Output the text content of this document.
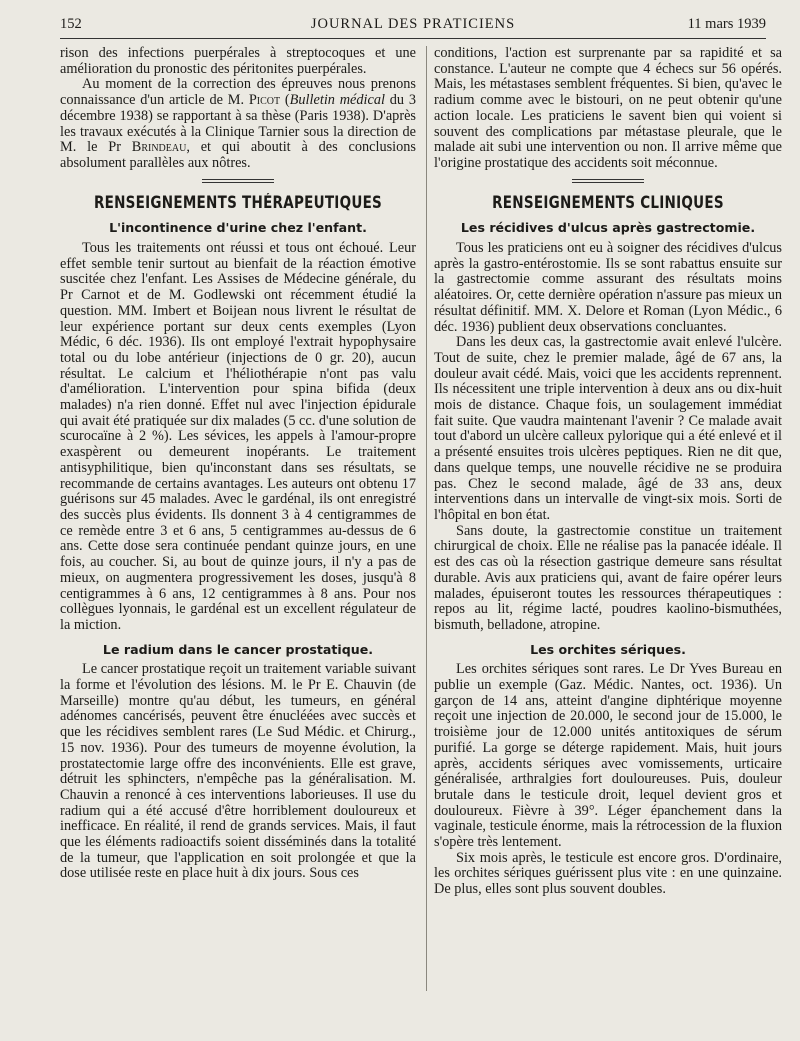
152	JOURNAL DES PRATICIENS	11 mars 1939

rison des infections puerpérales à streptocoques et une amélioration du pronostic des péritonites puerpérales.

Au moment de la correction des épreuves nous prenons connaissance d'un article de M. Picot (Bulletin médical du 3 décembre 1938) se rapportant à sa thèse (Paris 1938). D'après les travaux exécutés à la Clinique Tarnier sous la direction de M. le Pr Brindeau, et qui aboutit à des conclusions absolument parallèles aux nôtres.

RENSEIGNEMENTS THÉRAPEUTIQUES
L'incontinence d'urine chez l'enfant.

Tous les traitements ont réussi et tous ont échoué. Leur effet semble tenir surtout au bienfait de la réaction émotive suscitée chez l'enfant. Les Assises de Médecine générale, du Pr Carnot et de M. Godlewski ont récemment étudié la question. MM. Imbert et Boijean nous livrent le résultat de leur expérience portant sur deux cents exemples (Lyon Médic, 6 déc. 1936). Ils ont employé l'extrait hypophysaire total ou du lobe antérieur (injections de 0 gr. 20), aucun résultat. Le calcium et l'héliothérapie n'ont pas valu d'amélioration. L'intervention pour spina bifida (deux malades) n'a rien donné. Effet nul avec l'injection épidurale qui avait été pratiquée sur dix malades (5 cc. d'une solution de scurocaïne à 2 %). Les sévices, les appels à l'amour-propre exaspèrent ou demeurent inopérants. Le traitement antisyphilitique, bien qu'inconstant dans ses résultats, se recommande de certains avantages. Les auteurs ont obtenu 17 guérisons sur 45 malades. Avec le gardénal, ils ont enregistré des succès plus évidents. Ils donnent 3 à 4 centigrammes de ce remède entre 3 et 6 ans, 5 centigrammes au-dessus de 6 ans. Cette dose sera continuée pendant quinze jours, en une fois, au coucher. Si, au bout de quinze jours, il n'y a pas de mieux, on augmentera progressivement les doses, jusqu'à 8 centigrammes à 6 ans, 12 centigrammes à 8 ans. Pour nos collègues lyonnais, le gardénal est un excellent régulateur de la miction.

Le radium dans le cancer prostatique.

Le cancer prostatique reçoit un traitement variable suivant la forme et l'évolution des lésions. M. le Pr E. Chauvin (de Marseille) montre qu'au début, les tumeurs, en général adénomes cancérisés, peuvent être énucléées avec succès et que les récidives semblent rares (Le Sud Médic. et Chirurg., 15 nov. 1936). Pour des tumeurs de moyenne évolution, la prostatectomie large offre des inconvénients. Elle est grave, détruit les sphincters, n'empêche pas la généralisation. M. Chauvin a renoncé à ces interventions laborieuses. Il use du radium qui a été accusé d'être horriblement douloureux et inefficace. En réalité, il rend de grands services. Mais, il faut que les éléments radioactifs soient disséminés dans la totalité de la tumeur, que l'application en soit prolongée et que la dose utilisée reste en place huit à dix jours. Sous ces

conditions, l'action est surprenante par sa rapidité et sa constance. L'auteur ne compte que 4 échecs sur 56 opérés. Mais, les métastases semblent fréquentes. Si bien, qu'avec le radium comme avec le bistouri, on ne peut obtenir qu'une action locale. Les praticiens le savent bien qui voient si souvent des complications par métastase pleurale, que le malade ait subi une intervention ou non. Il arrive même que l'origine prostatique des accidents soit méconnue.

RENSEIGNEMENTS CLINIQUES
Les récidives d'ulcus après gastrectomie.

Tous les praticiens ont eu à soigner des récidives d'ulcus après la gastro-entérostomie. Ils se sont rabattus ensuite sur la gastrectomie comme assurant des résultats moins aléatoires. Or, cette dernière opération n'assure pas mieux un résultat définitif. MM. X. Delore et Roman (Lyon Médic., 6 déc. 1936) publient deux observations concluantes.

Dans les deux cas, la gastrectomie avait enlevé l'ulcère. Tout de suite, chez le premier malade, âgé de 67 ans, la douleur avait cédé. Mais, voici que les accidents reprennent. Ils nécessitent une triple intervention à deux ans ou dix-huit mois de distance. Chaque fois, un soulagement immédiat fait suite. Que vaudra maintenant l'avenir ? Ce malade avait tout d'abord un ulcère calleux pylorique qui a été enlevé et il a présenté ensuites trois ulcères peptiques. Rien ne dit que, dans quelque temps, une nouvelle récidive ne se produira pas. Chez le second malade, âgé de 33 ans, deux interventions dans un intervalle de vingt-six mois. Sorti de l'hôpital en bon état.

Sans doute, la gastrectomie constitue un traitement chirurgical de choix. Elle ne réalise pas la panacée idéale. Il est des cas où la résection gastrique demeure sans résultat durable. Avis aux praticiens qui, avant de faire opérer leurs malades, épuiseront toutes les ressources thérapeutiques : repos au lit, régime lacté, poudres kaolino-bismuthées, bismuth, belladone, atropine.

Les orchites sériques.

Les orchites sériques sont rares. Le Dr Yves Bureau en publie un exemple (Gaz. Médic. Nantes, oct. 1936). Un garçon de 14 ans, atteint d'angine diphtérique moyenne reçoit une injection de 20.000, le second jour de 15.000, le troisième jour de 12.000 unités antitoxiques de sérum purifié. La gorge se déterge rapidement. Mais, huit jours après, accidents sériques avec vomissements, urticaire généralisée, arthralgies fort douloureuses. Puis, douleur brutale dans le testicule droit, lequel devient gros et douloureux. Fièvre à 39°. Léger épanchement dans la vaginale, testicule énorme, mais la rétrocession de la fluxion s'opère très lentement.

Six mois après, le testicule est encore gros. D'ordinaire, les orchites sériques guérissent plus vite : en une quinzaine. De plus, elles sont plus souvent doubles.
